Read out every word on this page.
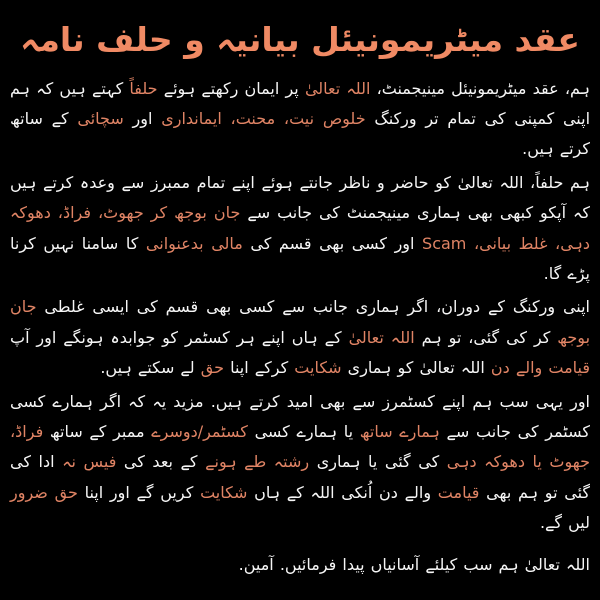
عقد میٹریمونیئل بیانیہ و حلف نامہ

ہم، عقد میٹریمونیئل مینیجمنٹ، اللہ تعالیٰ پر ایمان رکھتے ہوئے حلفاً کہتے ہیں کہ ہم اپنی کمپنی کی تمام تر ورکنگ خلوص نیت، محنت، ایمانداری اور سچائی کے ساتھ کرتے ہیں.

ہم حلفاً، اللہ تعالیٰ کو حاضر و ناظر جانتے ہوئے اپنے تمام ممبرز سے وعدہ کرتے ہیں کہ آپکو کبھی بھی ہماری مینیجمنٹ کی جانب سے جان بوجھ کر جھوٹ، فراڈ، دھوکہ دہی، غلط بیانی، Scam اور کسی بھی قسم کی مالی بدعنوانی کا سامنا نہیں کرنا پڑے گا.

اپنی ورکنگ کے دوران، اگر ہماری جانب سے کسی بھی قسم کی ایسی غلطی جان بوجھ کر کی گئی، تو ہم اللہ تعالیٰ کے ہاں اپنے ہر کسٹمر کو جوابدہ ہونگے اور آپ قیامت والے دن اللہ تعالیٰ کو ہماری شکایت کرکے اپنا حق لے سکتے ہیں.

اور یہی سب ہم اپنے کسٹمرز سے بھی امید کرتے ہیں. مزید یہ کہ اگر ہمارے کسی کسٹمر کی جانب سے ہمارے ساتھ یا ہمارے کسی کسٹمر/دوسرے ممبر کے ساتھ فراڈ، جھوٹ یا دھوکہ دہی کی گئی یا ہماری رشتہ طے ہونے کے بعد کی فیس نہ ادا کی گئی تو ہم بھی قیامت والے دن اُنکی اللہ کے ہاں شکایت کریں گے اور اپنا حق ضرور لیں گے.

اللہ تعالیٰ ہم سب کیلئے آسانیاں پیدا فرمائیں. آمین.
